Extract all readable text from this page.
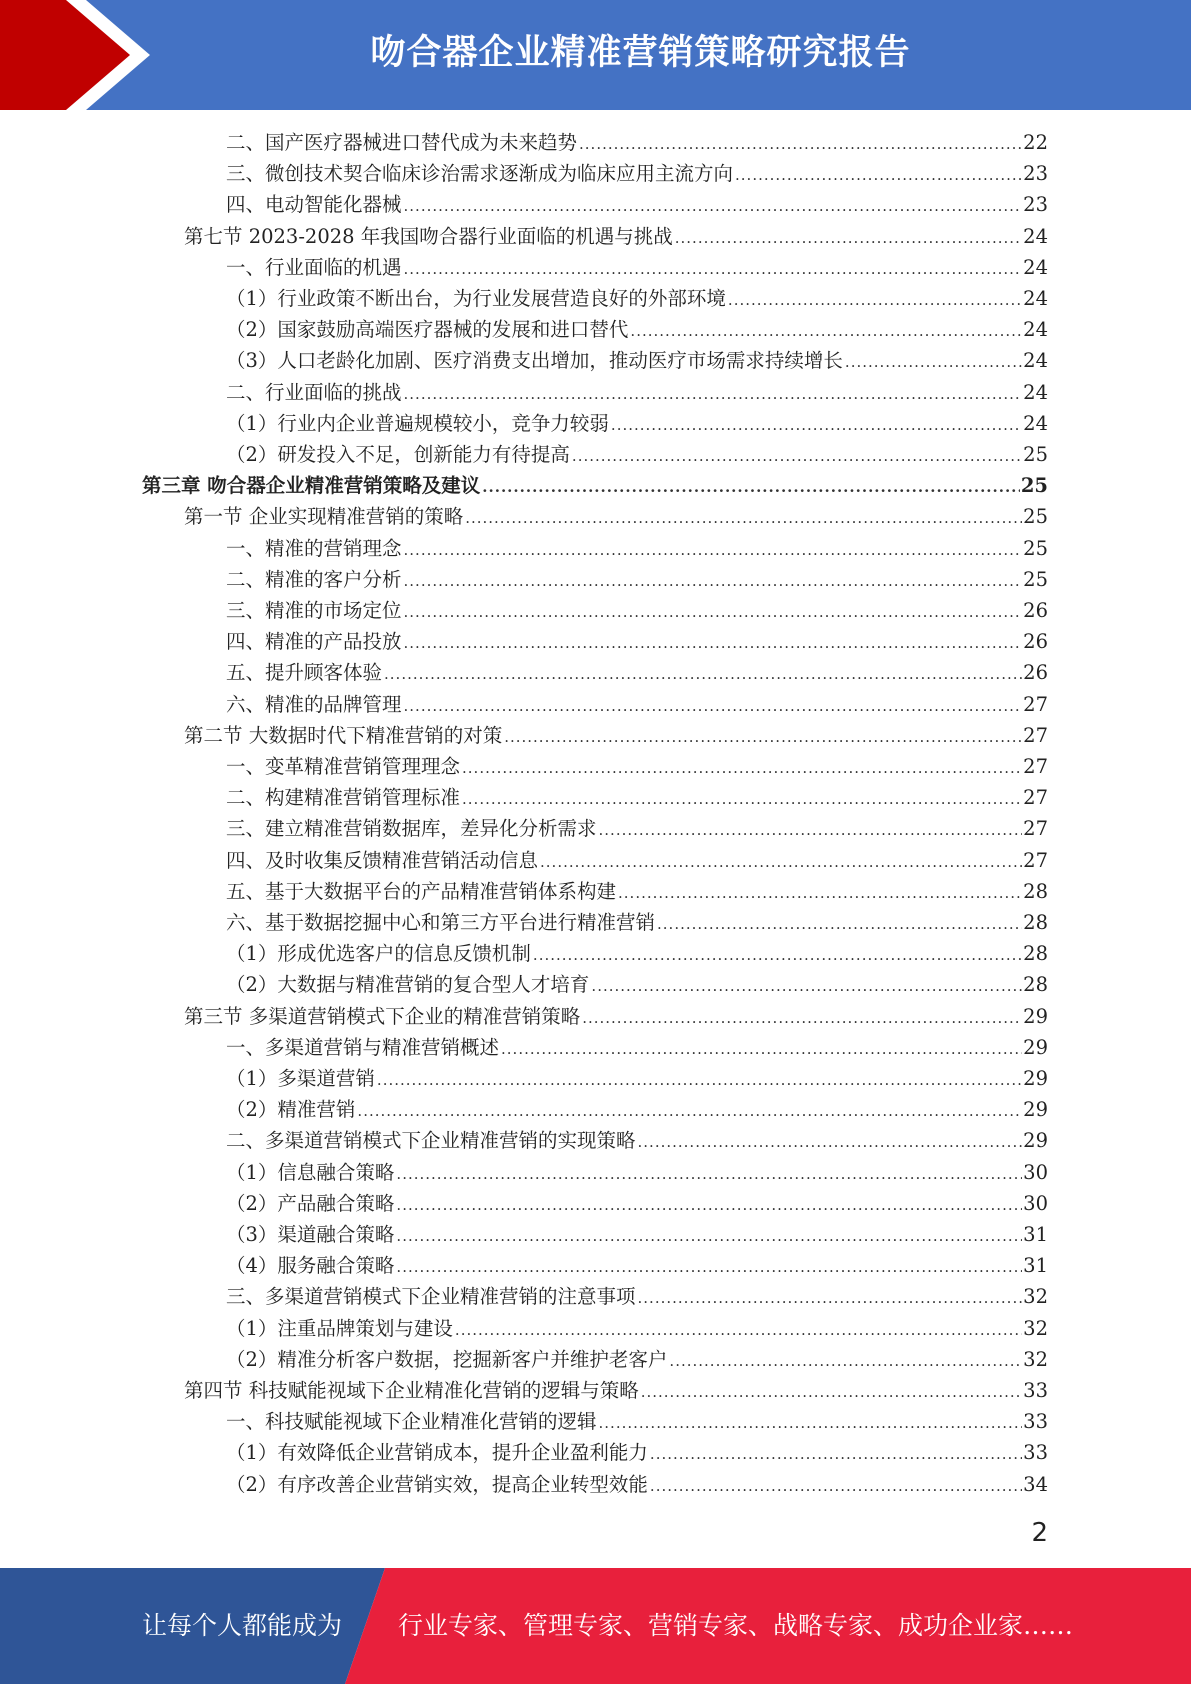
吻合器企业精准营销策略研究报告
二、国产医疗器械进口替代成为未来趋势 .....	22
三、微创技术契合临床诊治需求逐渐成为临床应用主流方向 .....	23
四、电动智能化器械 .....	23
第七节 2023-2028 年我国吻合器行业面临的机遇与挑战 .....	24
一、行业面临的机遇 .....	24
（1）行业政策不断出台，为行业发展营造良好的外部环境 .....	24
（2）国家鼓励高端医疗器械的发展和进口替代 .....	24
（3）人口老龄化加剧、医疗消费支出增加，推动医疗市场需求持续增长 .....	24
二、行业面临的挑战 .....	24
（1）行业内企业普遍规模较小，竞争力较弱 .....	24
（2）研发投入不足，创新能力有待提高 .....	25
第三章 吻合器企业精准营销策略及建议 .....	25
第一节 企业实现精准营销的策略 .....	25
一、精准的营销理念 .....	25
二、精准的客户分析 .....	25
三、精准的市场定位 .....	26
四、精准的产品投放 .....	26
五、提升顾客体验 .....	26
六、精准的品牌管理 .....	27
第二节 大数据时代下精准营销的对策 .....	27
一、变革精准营销管理理念 .....	27
二、构建精准营销管理标准 .....	27
三、建立精准营销数据库，差异化分析需求 .....	27
四、及时收集反馈精准营销活动信息 .....	27
五、基于大数据平台的产品精准营销体系构建 .....	28
六、基于数据挖掘中心和第三方平台进行精准营销 .....	28
（1）形成优选客户的信息反馈机制 .....	28
（2）大数据与精准营销的复合型人才培育 .....	28
第三节 多渠道营销模式下企业的精准营销策略 .....	29
一、多渠道营销与精准营销概述 .....	29
（1）多渠道营销 .....	29
（2）精准营销 .....	29
二、多渠道营销模式下企业精准营销的实现策略 .....	29
（1）信息融合策略 .....	30
（2）产品融合策略 .....	30
（3）渠道融合策略 .....	31
（4）服务融合策略 .....	31
三、多渠道营销模式下企业精准营销的注意事项 .....	32
（1）注重品牌策划与建设 .....	32
（2）精准分析客户数据，挖掘新客户并维护老客户 .....	32
第四节 科技赋能视域下企业精准化营销的逻辑与策略 .....	33
一、科技赋能视域下企业精准化营销的逻辑 .....	33
（1）有效降低企业营销成本，提升企业盈利能力 .....	33
（2）有序改善企业营销实效，提高企业转型效能 .....	34
2
让每个人都能成为 行业专家、管理专家、营销专家、战略专家、成功企业家……
